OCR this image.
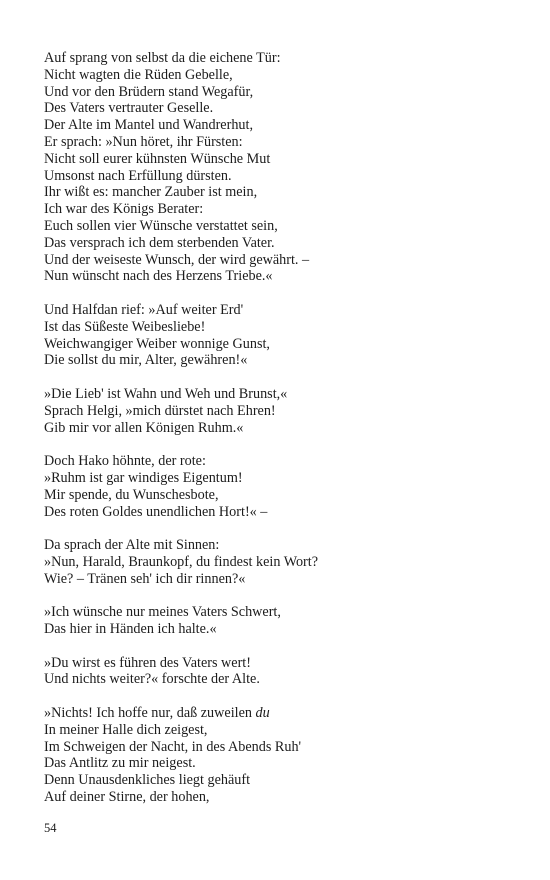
Auf sprang von selbst da die eichene Tür:
Nicht wagten die Rüden Gebelle,
Und vor den Brüdern stand Wegafür,
Des Vaters vertrauter Geselle.
Der Alte im Mantel und Wandrerhut,
Er sprach: »Nun höret, ihr Fürsten:
Nicht soll eurer kühnsten Wünsche Mut
Umsonst nach Erfüllung dürsten.
Ihr wißt es: mancher Zauber ist mein,
Ich war des Königs Berater:
Euch sollen vier Wünsche verstattet sein,
Das versprach ich dem sterbenden Vater.
Und der weiseste Wunsch, der wird gewährt. –
Nun wünscht nach des Herzens Triebe.«
Und Halfdan rief: »Auf weiter Erd'
Ist das Süßeste Weibesliebe!
Weichwangiger Weiber wonnige Gunst,
Die sollst du mir, Alter, gewähren!«
»Die Lieb' ist Wahn und Weh und Brunst,«
Sprach Helgi, »mich dürstet nach Ehren!
Gib mir vor allen Königen Ruhm.«
Doch Hako höhnte, der rote:
»Ruhm ist gar windiges Eigentum!
Mir spende, du Wunschesbote,
Des roten Goldes unendlichen Hort!« –
Da sprach der Alte mit Sinnen:
»Nun, Harald, Braunkopf, du findest kein Wort?
Wie? – Tränen seh' ich dir rinnen?«
»Ich wünsche nur meines Vaters Schwert,
Das hier in Händen ich halte.«
»Du wirst es führen des Vaters wert!
Und nichts weiter?« forschte der Alte.
»Nichts! Ich hoffe nur, daß zuweilen du
In meiner Halle dich zeigest,
Im Schweigen der Nacht, in des Abends Ruh'
Das Antlitz zu mir neigest.
Denn Unausdenkliches liegt gehäuft
Auf deiner Stirne, der hohen,
54
